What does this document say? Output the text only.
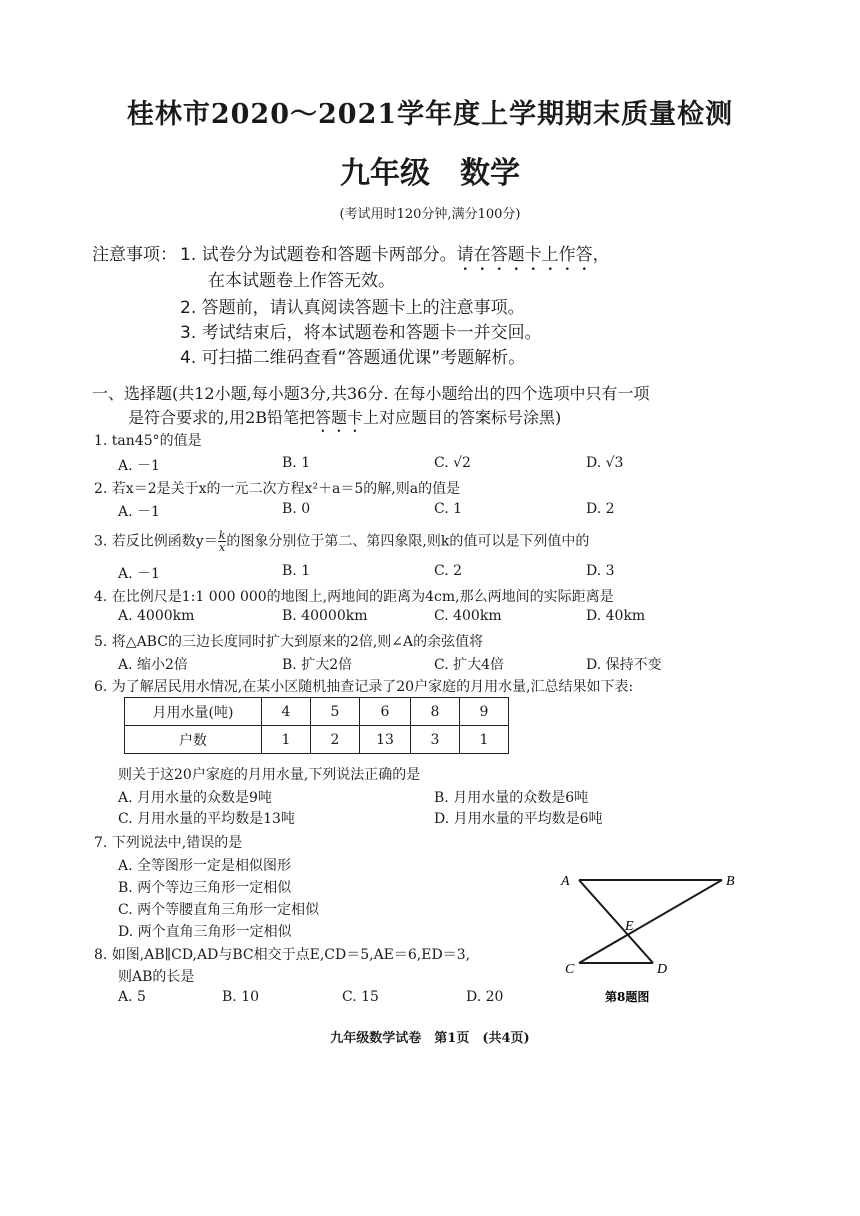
桂林市2020～2021学年度上学期期末质量检测
九年级　数学
(考试用时120分钟,满分100分)
注意事项： 1. 试卷分为试题卷和答题卡两部分。请在答题卡上作答，
在本试题卷上作答无效。
2. 答题前，请认真阅读答题卡上的注意事项。
3. 考试结束后，将本试题卷和答题卡一并交回。
4. 可扫描二维码查看“答题通优课”考题解析。
一、选择题(共12小题,每小题3分,共36分. 在每小题给出的四个选项中只有一项
是符合要求的,用2B铅笔把答题卡上对应题目的答案标号涂黑)
1. tan45°的值是
A. －1	B. 1	C. √2	D. √3
2. 若x＝2是关于x的一元二次方程x²＋a＝5的解,则a的值是
A. －1	B. 0	C. 1	D. 2
3. 若反比例函数$y= \frac{k}{x}$ 的图象分别位于第二、第四象限,则k的值可以是下列值中的
A. －1	B. 1	C. 2	D. 3
4. 在比例尺是1:1 000 000的地图上,两地间的距离为4cm,那么两地间的实际距离是
A. 4000km	B. 40000km	C. 400km	D. 40km
5. 将△ABC的三边长度同时扩大到原来的2倍,则∠A的余弦值将
A. 缩小2倍	B. 扩大2倍	C. 扩大4倍	D. 保持不变
6. 为了解居民用水情况,在某小区随机抽查记录了20户家庭的月用水量,汇总结果如下表:
月用水量(吨)	4	5	6	8	9
户数	1	2	13	3	1
则关于这20户家庭的月用水量,下列说法正确的是
A. 月用水量的众数是9吨	B. 月用水量的众数是6吨
C. 月用水量的平均数是13吨	D. 月用水量的平均数是6吨
7. 下列说法中,错误的是
A. 全等图形一定是相似图形
B. 两个等边三角形一定相似
C. 两个等腰直角三角形一定相似
D. 两个直角三角形一定相似
8. 如图,AB∥CD,AD与BC相交于点E,CD＝5,AE＝6,ED＝3,
则AB的长是
A. 5	B. 10	C. 15	D. 20
A	B
E
C	D
第8题图
九年级数学试卷　第1页　(共4页)
